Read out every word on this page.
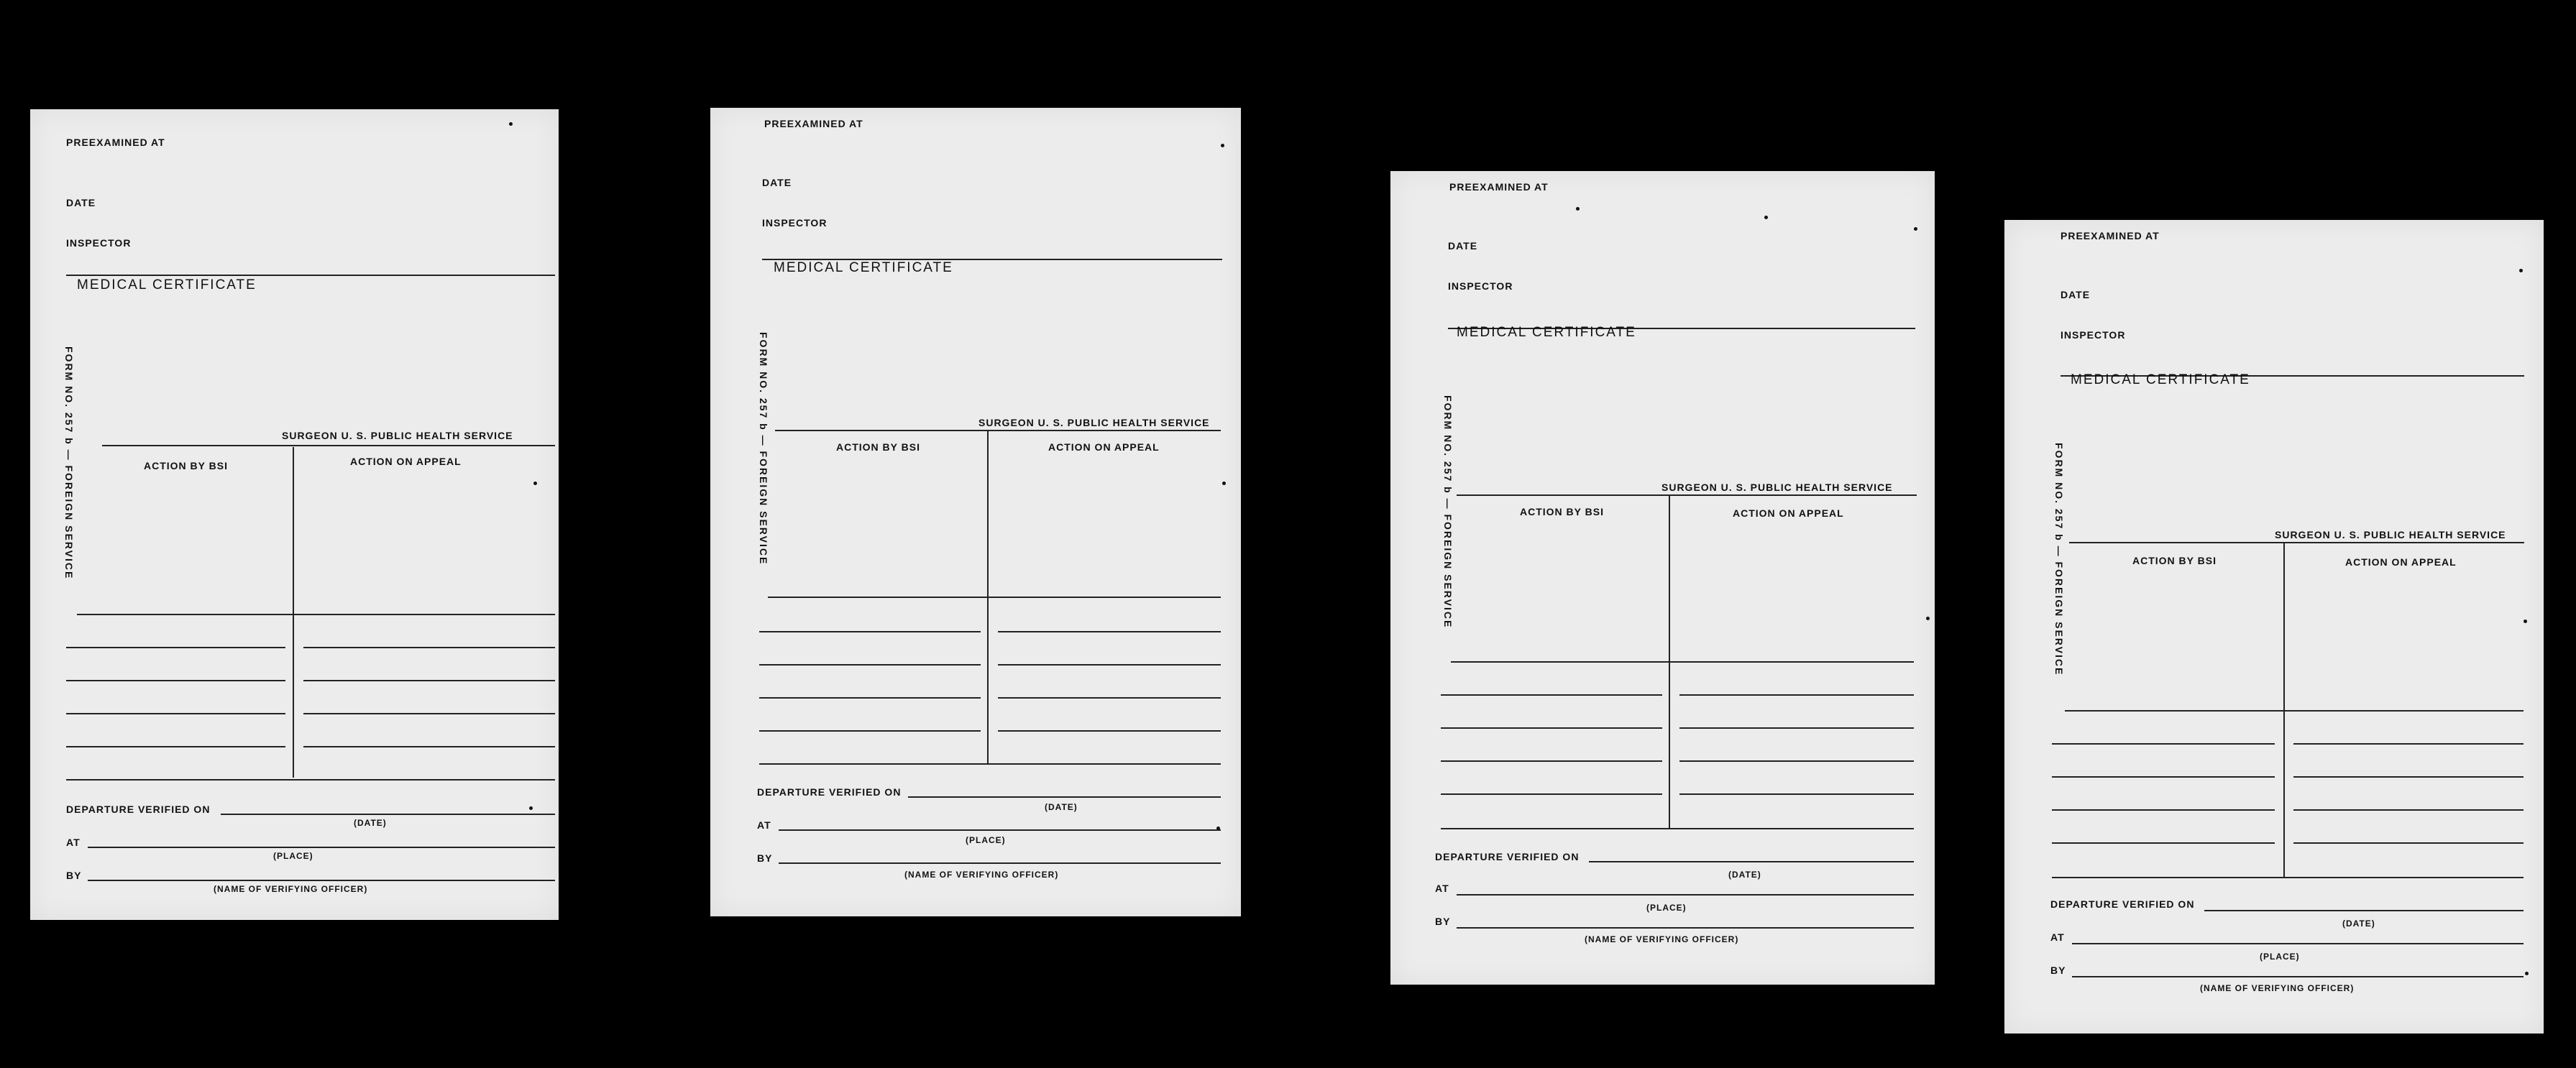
PREEXAMINED AT
DATE
INSPECTOR
MEDICAL CERTIFICATE
FORM NO. 257 b — FOREIGN SERVICE	SURGEON U. S. PUBLIC HEALTH SERVICE
ACTION BY BSI	ACTION ON APPEAL
DEPARTURE VERIFIED ON
(DATE)
AT
(PLACE)
BY
(NAME OF VERIFYING OFFICER)
PREEXAMINED AT
DATE
INSPECTOR
MEDICAL CERTIFICATE
FORM NO. 257 b — FOREIGN SERVICE	SURGEON U. S. PUBLIC HEALTH SERVICE
ACTION BY BSI	ACTION ON APPEAL
DEPARTURE VERIFIED ON
(DATE)
AT
(PLACE)
BY
(NAME OF VERIFYING OFFICER)
PREEXAMINED AT
DATE
INSPECTOR
MEDICAL CERTIFICATE
FORM NO. 257 b — FOREIGN SERVICE	SURGEON U. S. PUBLIC HEALTH SERVICE
ACTION BY BSI	ACTION ON APPEAL
DEPARTURE VERIFIED ON
(DATE)
AT
(PLACE)
BY
(NAME OF VERIFYING OFFICER)
PREEXAMINED AT
DATE
INSPECTOR
MEDICAL CERTIFICATE
FORM NO. 257 b — FOREIGN SERVICE	SURGEON U. S. PUBLIC HEALTH SERVICE
ACTION BY BSI	ACTION ON APPEAL
DEPARTURE VERIFIED ON
(DATE)
AT
(PLACE)
BY
(NAME OF VERIFYING OFFICER)
